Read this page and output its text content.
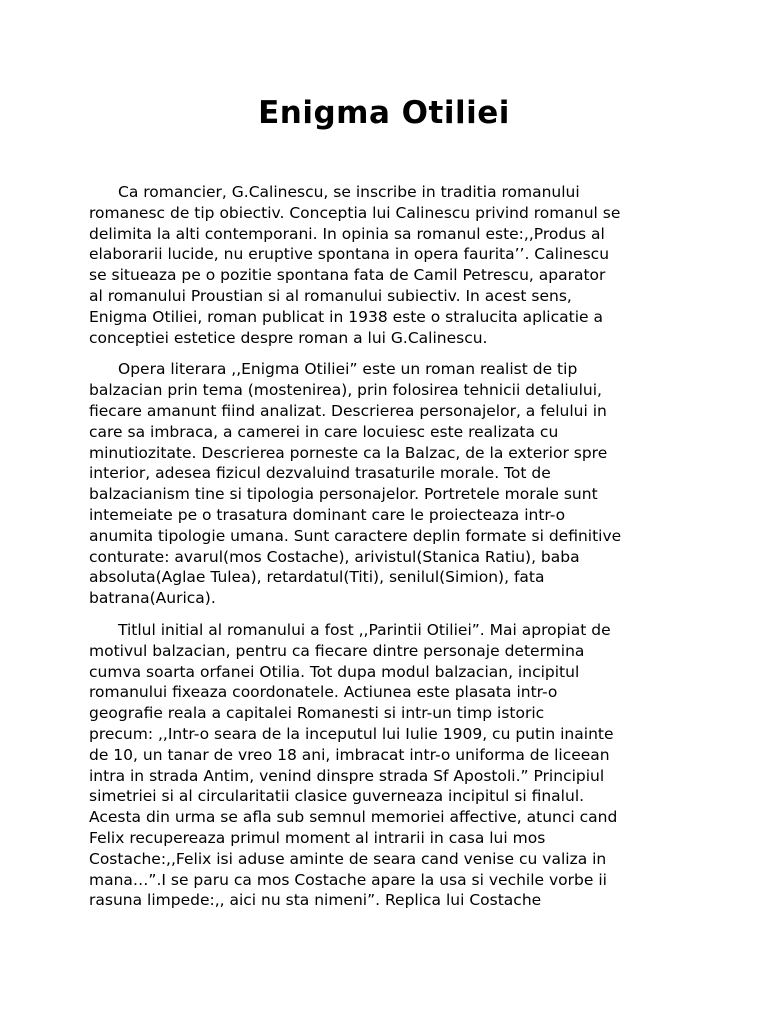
Enigma Otiliei

Ca romancier, G.Calinescu, se inscribe in traditia romanului
romanesc de tip obiectiv. Conceptia lui Calinescu privind romanul se
delimita la alti contemporani. In opinia sa romanul este:,,Produs al
elaborarii lucide, nu eruptive spontana in opera faurita’’. Calinescu
se situeaza pe o pozitie spontana fata de Camil Petrescu, aparator
al romanului Proustian si al romanului subiectiv. In acest sens,
Enigma Otiliei, roman publicat in 1938 este o stralucita aplicatie a
conceptiei estetice despre roman a lui G.Calinescu.

Opera literara ,,Enigma Otiliei” este un roman realist de tip
balzacian prin tema (mostenirea), prin folosirea tehnicii detaliului,
fiecare amanunt fiind analizat. Descrierea personajelor, a felului in
care sa imbraca, a camerei in care locuiesc este realizata cu
minutiozitate. Descrierea porneste ca la Balzac, de la exterior spre
interior, adesea fizicul dezvaluind trasaturile morale. Tot de
balzacianism tine si tipologia personajelor. Portretele morale sunt
intemeiate pe o trasatura dominant care le proiecteaza intr-o
anumita tipologie umana. Sunt caractere deplin formate si definitive
conturate: avarul(mos Costache), arivistul(Stanica Ratiu), baba
absoluta(Aglae Tulea), retardatul(Titi), senilul(Simion), fata
batrana(Aurica).

Titlul initial al romanului a fost ,,Parintii Otiliei”. Mai apropiat de
motivul balzacian, pentru ca fiecare dintre personaje determina
cumva soarta orfanei Otilia. Tot dupa modul balzacian, incipitul
romanului fixeaza coordonatele. Actiunea este plasata intr-o
geografie reala a capitalei Romanesti si intr-un timp istoric
precum: ,,Intr-o seara de la inceputul lui Iulie 1909, cu putin inainte
de 10, un tanar de vreo 18 ani, imbracat intr-o uniforma de liceean
intra in strada Antim, venind dinspre strada Sf Apostoli.” Principiul
simetriei si al circularitatii clasice guverneaza incipitul si finalul.
Acesta din urma se afla sub semnul memoriei affective, atunci cand
Felix recupereaza primul moment al intrarii in casa lui mos
Costache:,,Felix isi aduse aminte de seara cand venise cu valiza in
mana…”.I se paru ca mos Costache apare la usa si vechile vorbe ii
rasuna limpede:,, aici nu sta nimeni”. Replica lui Costache
